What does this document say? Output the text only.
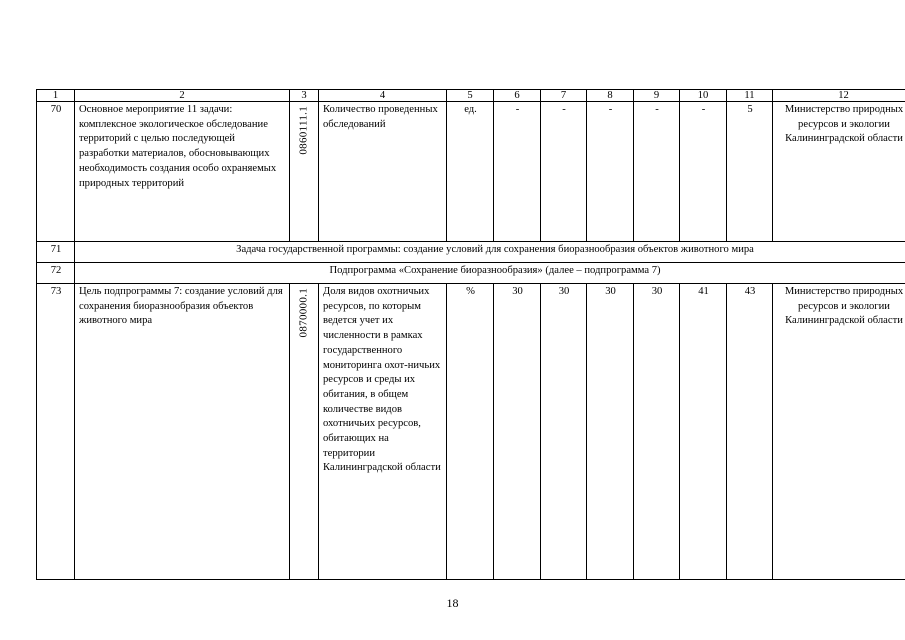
1	2	3	4	5	6	7	8	9	10	11	12
70	Основное мероприятие 11 задачи: комплексное экологическое обследование территорий с целью последующей разработки материалов, обосновывающих необходимость создания особо охраняемых природных территорий	0860111.1	Количество проведенных обследований	ед.	-	-	-	-	-	5	Министерство природных ресурсов и экологии Калининградской области
71	Задача государственной программы: создание условий для сохранения биоразнообразия объектов животного мира										
72	Подпрограмма «Сохранение биоразнообразия» (далее – подпрограмма 7)										
73	Цель подпрограммы 7: создание условий для сохранения биоразнообразия объектов животного мира	0870000.1	Доля видов охотничьих ресурсов, по которым ведется учет их численности в рамках государственного мониторинга охот-ничьих ресурсов и среды их обитания, в общем количестве видов охотничьих ресурсов, обитающих на территории Калининградской области	%	30	30	30	30	41	43	Министерство природных ресурсов и экологии Калининградской области
18
